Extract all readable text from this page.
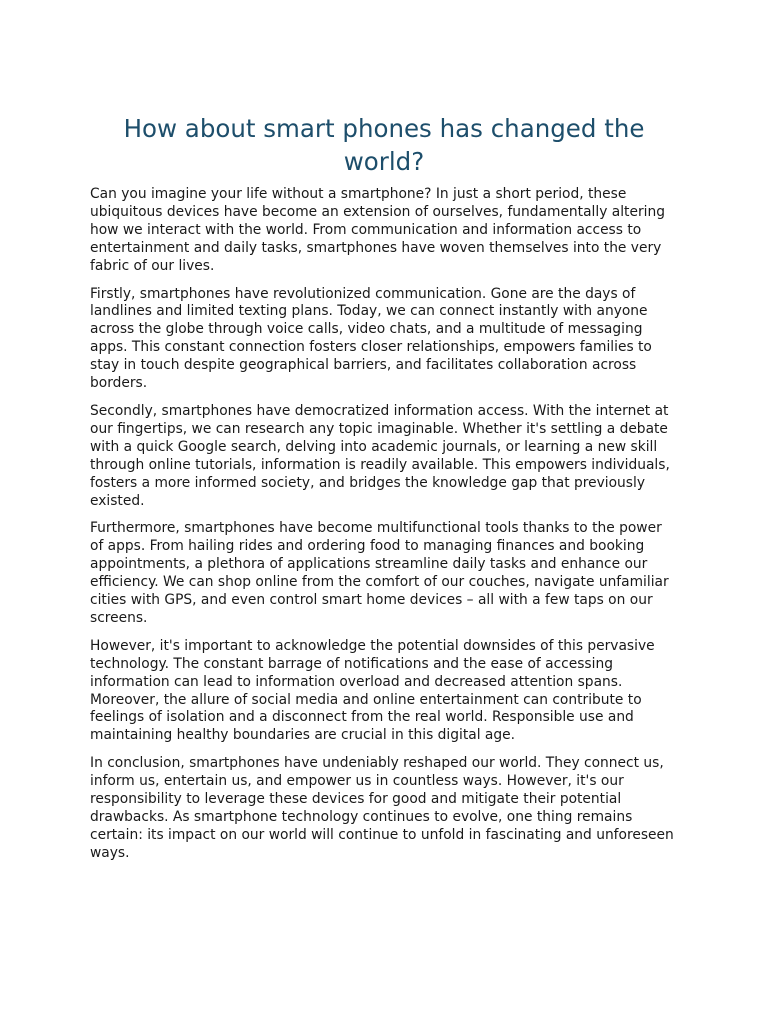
How about smart phones has changed the world?

Can you imagine your life without a smartphone? In just a short period, these ubiquitous devices have become an extension of ourselves, fundamentally altering how we interact with the world. From communication and information access to entertainment and daily tasks, smartphones have woven themselves into the very fabric of our lives.

Firstly, smartphones have revolutionized communication. Gone are the days of landlines and limited texting plans. Today, we can connect instantly with anyone across the globe through voice calls, video chats, and a multitude of messaging apps. This constant connection fosters closer relationships, empowers families to stay in touch despite geographical barriers, and facilitates collaboration across borders.

Secondly, smartphones have democratized information access. With the internet at our fingertips, we can research any topic imaginable. Whether it's settling a debate with a quick Google search, delving into academic journals, or learning a new skill through online tutorials, information is readily available. This empowers individuals, fosters a more informed society, and bridges the knowledge gap that previously existed.

Furthermore, smartphones have become multifunctional tools thanks to the power of apps. From hailing rides and ordering food to managing finances and booking appointments, a plethora of applications streamline daily tasks and enhance our efficiency. We can shop online from the comfort of our couches, navigate unfamiliar cities with GPS, and even control smart home devices – all with a few taps on our screens.

However, it's important to acknowledge the potential downsides of this pervasive technology. The constant barrage of notifications and the ease of accessing information can lead to information overload and decreased attention spans. Moreover, the allure of social media and online entertainment can contribute to feelings of isolation and a disconnect from the real world. Responsible use and maintaining healthy boundaries are crucial in this digital age.

In conclusion, smartphones have undeniably reshaped our world. They connect us, inform us, entertain us, and empower us in countless ways. However, it's our responsibility to leverage these devices for good and mitigate their potential drawbacks. As smartphone technology continues to evolve, one thing remains certain: its impact on our world will continue to unfold in fascinating and unforeseen ways.
